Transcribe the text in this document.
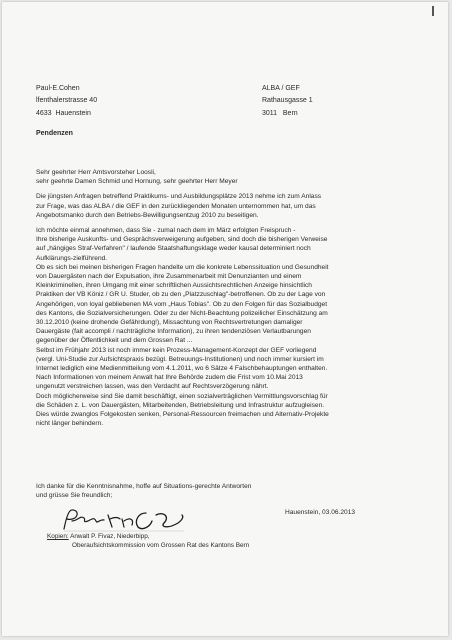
Paul-E.Cohen
lfenthalerstrasse 40
4633  Hauenstein
ALBA / GEF
Rathausgasse 1
3011   Bern
Pendenzen
Sehr geehrter Herr Amtsvorsteher Loosli,
sehr geehrte Damen Schmid und Hornung, sehr geehrter Herr Meyer
Die jüngsten Anfragen betreffend Praktikums- und Ausbildungsplätze 2013 nehme ich zum Anlass
zur Frage, was das ALBA / die GEF in den zurückliegenden Monaten unternommen hat, um das
Angebotsmanko durch den Betriebs-Bewilligungsentzug 2010 zu beseitigen.
Ich möchte einmal annehmen, dass Sie - zumal nach dem im März erfolgten Freispruch -
Ihre bisherige Auskunfts- und Gesprächsverweigerung aufgeben, sind doch die bisherigen Verweise
auf „hängiges Straf-Verfahren" / laufende Staatshaftungsklage weder kausal determiniert noch
Aufklärungs-zielführend.
Ob es sich bei meinen bisherigen Fragen handelte um die konkrete Lebenssituation und Gesundheit
von Dauergästen nach der Expulsation, ihre Zusammenarbeit mit Denunzianten und einem
Kleinkriminellen, ihren Umgang mit einer schriftlichen Aussichtsrechtlichen Anzeige hinsichtlich
Praktiken der VB Köniz / GR U. Studer, ob zu den „Platzzuschlag"-betroffenen. Ob zu der Lage von
Angehörigen, von loyal gebliebenen MA vom „Haus Tobias". Ob zu den Folgen für das Sozialbudget
des Kantons, die Sozialversicherungen. Oder zu der Nicht-Beachtung polizeilicher Einschätzung am
30.12.2010 (keine drohende Gefährdung!), Missachtung von Rechtsvertretungen damaliger
Dauergäste (fait accompli / nachträgliche Information), zu ihren tendenziösen Verlautbarungen
gegenüber der Öffentlichkeit und dem Grossen Rat ...
Selbst im Frühjahr 2013 ist noch immer kein Prozess-Management-Konzept der GEF vorliegend
(vergl. Uni-Studie zur Aufsichtspraxis bezügl. Betreuungs-Institutionen) und noch immer kursiert im
Internet lediglich eine Medienmitteilung vom 4.1.2011, wo 6 Sätze 4 Falschbehauptungen enthalten.
Nach Informationen von meinem Anwalt hat Ihre Behörde zudem die Frist vom 10.Mai 2013
ungenutzt verstreichen lassen, was den Verdacht auf Rechtsverzögerung nährt.
Doch möglicherweise sind Sie damit beschäftigt, einen sozialverträglichen Vermittlungsvorschlag für
die Schäden z. L. von Dauergästen, Mitarbeitenden, Betriebsleitung und Infrastruktur aufzugleisen.
Dies würde zwanglos Folgekosten senken, Personal-Ressourcen freimachen und Alternativ-Projekte
nicht länger behindern.
Ich danke für die Kenntnisnahme, hoffe auf Situations-gerechte Antworten
und grüsse Sie freundlich;
Hauenstein, 03.06.2013
Kopien: Anwalt P. Fivaz, Niederbipp,
Oberaufsichtskommission vom Grossen Rat des Kantons Bern
